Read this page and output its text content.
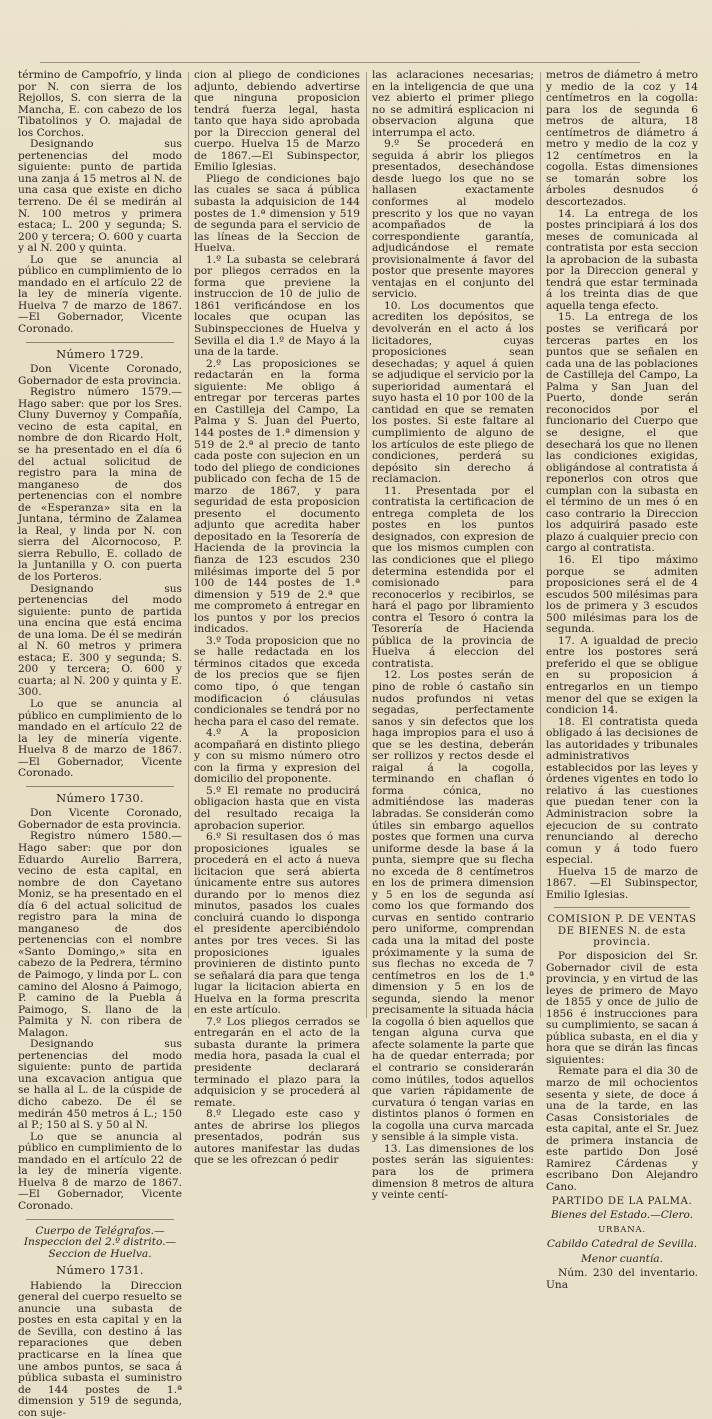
término de Campofrío, y linda por N. con sierra de los Rejollos, S. con sierra de la Mancha, E. con cabezo de los Tibatolinos y O. majadal de los Corchos.

Designando sus pertenencias del modo siguiente: punto de partida una zanja á 15 metros al N. de una casa que existe en dicho terreno. De él se medirán al N. 100 metros y primera estaca; L. 200 y segunda; S. 200 y tercera; O. 600 y cuarta y al N. 200 y quinta.

Lo que se anuncia al público en cumplimiento de lo mandado en el artículo 22 de la ley de minería vigente. Huelva 7 de marzo de 1867. —El Gobernador, Vicente Coronado.

Número 1729.

Don Vicente Coronado, Gobernador de esta provincia.

Registro número 1579.—Hago saber: que por los Sres. Cluny Duvernoy y Compañía, vecino de esta capital, en nombre de don Ricardo Holt, se ha presentado en el día 6 del actual solicitud de registro para la mina de manganeso de dos pertenencias con el nombre de «Esperanza» sita en la Juntana, término de Zalamea la Real, y linda por N. con sierra del Alcornocoso, P. sierra Rebullo, E. collado de la Juntanilla y O. con puerta de los Porteros.

Designando sus pertenencias del modo siguiente: punto de partida una encina que está encima de una loma. De él se medirán al N. 60 metros y primera estaca; E. 300 y segunda; S. 200 y tercera; O. 600 y cuarta; al N. 200 y quinta y E. 300.

Lo que se anuncia al público en cumplimiento de lo mandado en el artículo 22 de la ley de minería vigente. Huelva 8 de marzo de 1867. —El Gobernador, Vicente Coronado.

Número 1730.

Don Vicente Coronado, Gobernador de esta provincia.

Registro número 1580.—Hago saber: que por don Eduardo Aurelio Barrera, vecino de esta capital, en nombre de don Cayetano Moniz, se ha presentado en el día 6 del actual solicitud de registro para la mina de manganeso de dos pertenencias con el nombre «Santo Domingo,» sita en cabezo de la Pedrera, término de Paimogo, y linda por L. con camino del Alosno á Paimogo, P. camino de la Puebla á Paimogo, S. llano de la Palmita y N. con ribera de Malagon.

Designando sus pertenencias del modo siguiente: punto de partida una excavacion antigua que se halla al L. de la cúspide de dicho cabezo. De él se medirán 450 metros á L.; 150 al P.; 150 al S. y 50 al N.

Lo que se anuncia al público en cumplimiento de lo mandado en el artículo 22 de la ley de minería vigente. Huelva 8 de marzo de 1867. —El Gobernador, Vicente Coronado.

Cuerpo de Telégrafos.—Inspeccion del 2.º distrito.—Seccion de Huelva.

Número 1731.

Habiendo la Direccion general del cuerpo resuelto se anuncie una subasta de postes en esta capital y en la de Sevilla, con destino á las reparaciones que deben practicarse en la línea que une ambos puntos, se saca á pública subasta el suministro de 144 postes de 1.ª dimension y 519 de segunda, con suje-

cion al pliego de condiciones adjunto, debiendo advertirse que ninguna proposicion tendrá fuerza legal, hasta tanto que haya sido aprobada por la Direccion general del cuerpo. Huelva 15 de Marzo de 1867.—El Subinspector, Emilio Iglesias.

Pliego de condiciones bajo las cuales se saca á pública subasta la adquisicion de 144 postes de 1.ª dimension y 519 de segunda para el servicio de las líneas de la Seccion de Huelva.

1.º La subasta se celebrará por pliegos cerrados en la forma que previene la instruccion de 10 de julio de 1861 verificándose en los locales que ocupan las Subinspecciones de Huelva y Sevilla el dia 1.º de Mayo á la una de la tarde.

2.º Las proposiciones se redactarán en la forma siguiente: Me obligo á entregar por terceras partes en Castilleja del Campo, La Palma y S. Juan del Puerto, 144 postes de 1.ª dimension y 519 de 2.ª al precio de tanto cada poste con sujecion en un todo del pliego de condiciones publicado con fecha de 15 de marzo de 1867, y para seguridad de esta proposicion presento el documento adjunto que acredita haber depositado en la Tesorería de Hacienda de la provincia la fianza de 123 escudos 230 milésimas importe del 5 por 100 de 144 postes de 1.ª dimension y 519 de 2.ª que me comprometo á entregar en los puntos y por los precios indicados.

3.º Toda proposicion que no se halle redactada en los términos citados que exceda de los precios que se fijen como tipo, ó que tengan modificacion ó cláusulas condicionales se tendrá por no hecha para el caso del remate.

4.º A la proposicion acompañará en distinto pliego y con su mismo número otro con la firma y expresion del domicilio del proponente.

5.º El remate no producirá obligacion hasta que en vista del resultado recaiga la aprobacion superior.

6.º Si resultasen dos ó mas proposiciones iguales se procederá en el acto á nueva licitacion que será abierta únicamente entre sus autores durando por lo menos diez minutos, pasados los cuales concluirá cuando lo disponga el presidente apercibiéndolo antes por tres veces. Si las proposiciones iguales provinieren de distinto punto se señalará dia para que tenga lugar la licitacion abierta en Huelva en la forma prescrita en este artículo.

7.º Los pliegos cerrados se entregarán en el acto de la subasta durante la primera media hora, pasada la cual el presidente declarará terminado el plazo para la adquisicion y se procederá al remate.

8.º Llegado este caso y antes de abrirse los pliegos presentados, podrán sus autores manifestar las dudas que se les ofrezcan ó pedir

las aclaraciones necesarias; en la inteligencia de que una vez abierto el primer pliego no se admitirá esplicacion ni observacion alguna que interrumpa el acto.

9.º Se procederá en seguida á abrir los pliegos presentados, desechándose desde luego los que no se hallasen exactamente conformes al modelo prescrito y los que no vayan acompañados de la correspondiente garantía, adjudicándose el remate provisionalmente á favor del postor que presente mayores ventajas en el conjunto del servicio.

10. Los documentos que acrediten los depósitos, se devolverán en el acto á los licitadores, cuyas proposiciones sean desechadas; y aquel á quien se adjudique el servicio por la superioridad aumentará el suyo hasta el 10 por 100 de la cantidad en que se rematen los postes. Si este faltare al cumplimiento de alguno de los artículos de este pliego de condiciones, perderá su depósito sin derecho á reclamacion.

11. Presentada por el contratista la certificacion de entrega completa de los postes en los puntos designados, con expresion de que los mismos cumplen con las condiciones que el pliego determina estendida por el comisionado para reconocerlos y recibirlos, se hará el pago por libramiento contra el Tesoro ó contra la Tesorería de Hacienda pública de la provincia de Huelva á eleccion del contratista.

12. Los postes serán de pino de roble ó castaño sin nudos profundos ni vetas segadas, perfectamente sanos y sin defectos que los haga impropios para el uso á que se les destina, deberán ser rollizos y rectos desde el raigal á la cogolla, terminando en chaflan ó forma cónica, no admitiéndose las maderas labradas. Se considerán como útiles sin embargo aquellos postes que formen una curva uniforme desde la base á la punta, siempre que su flecha no exceda de 8 centímetros en los de primera dimension y 5 en los de segunda así como los que formando dos curvas en sentido contrario pero uniforme, comprendan cada una la mitad del poste próximamente y la suma de sus flechas no exceda de 7 centímetros en los de 1.ª dimension y 5 en los de segunda, siendo la menor precisamente la situada hácia la cogolla ó bien aquellos que tengan alguna curva que afecte solamente la parte que ha de quedar enterrada; por el contrario se considerarán como inútiles, todos aquellos que varien rápidamente de curvatura ó tengan varias en distintos planos ó formen en la cogolla una curva marcada y sensible á la simple vista.

13. Las dimensiones de los postes serán las siguientes: para los de primera dimension 8 metros de altura y veinte centí-

metros de diámetro á metro y medio de la coz y 14 centímetros en la cogolla: para los de segunda 6 metros de altura, 18 centímetros de diámetro á metro y medio de la coz y 12 centímetros en la cogolla. Estas dimensiones se tomarán sobre los árboles desnudos ó descortezados.

14. La entrega de los postes principiará á los dos meses de comunicada al contratista por esta seccion la aprobacion de la subasta por la Direccion general y tendrá que estar terminada á los treinta dias de que aquella tenga efecto.

15. La entrega de los postes se verificará por terceras partes en los puntos que se señalen en cada una de las poblaciones de Castilleja del Campo, La Palma y San Juan del Puerto, donde serán reconocidos por el funcionario del Cuerpo que se designe, el que desechará los que no llenen las condiciones exigidas, obligándose al contratista á reponerlos con otros que cumplan con la subasta en el término de un mes ó en caso contrario la Direccion los adquirirá pasado este plazo á cualquier precio con cargo al contratista.

16. El tipo máximo porque se admiten proposiciones será el de 4 escudos 500 milésimas para los de primera y 3 escudos 500 milésimas para los de segunda.

17. A igualdad de precio entre los postores será preferido el que se obligue en su proposicion á entregarlos en un tiempo menor del que se exigen la condicion 14.

18. El contratista queda obligado á las decisiones de las autoridades y tribunales administrativos establecidos por las leyes y órdenes vigentes en todo lo relativo á las cuestiones que puedan tener con la Administracion sobre la ejecucion de su contrato renunciando al derecho comun y á todo fuero especial.

Huelva 15 de marzo de 1867. —El Subinspector, Emilio Iglesias.

COMISION P. DE VENTAS DE BIENES N. de esta provincia.

Por disposicion del Sr. Gobernador civil de esta provincia, y en virtud de las leyes de primero de Mayo de 1855 y once de julio de 1856 é instrucciones para su cumplimiento, se sacan á pública subasta, en el dia y hora que se dirán las fincas siguientes:

Remate para el dia 30 de marzo de mil ochocientos sesenta y siete, de doce á una de la tarde, en las Casas Consistoriales de esta capital, ante el Sr. Juez de primera instancia de este partido Don José Ramirez Cárdenas y escribano Don Alejandro Cano.

PARTIDO DE LA PALMA.

Bienes del Estado.—Clero.

URBANA.

Cabildo Catedral de Sevilla.

Menor cuantía.

Núm. 230 del inventario. Una
